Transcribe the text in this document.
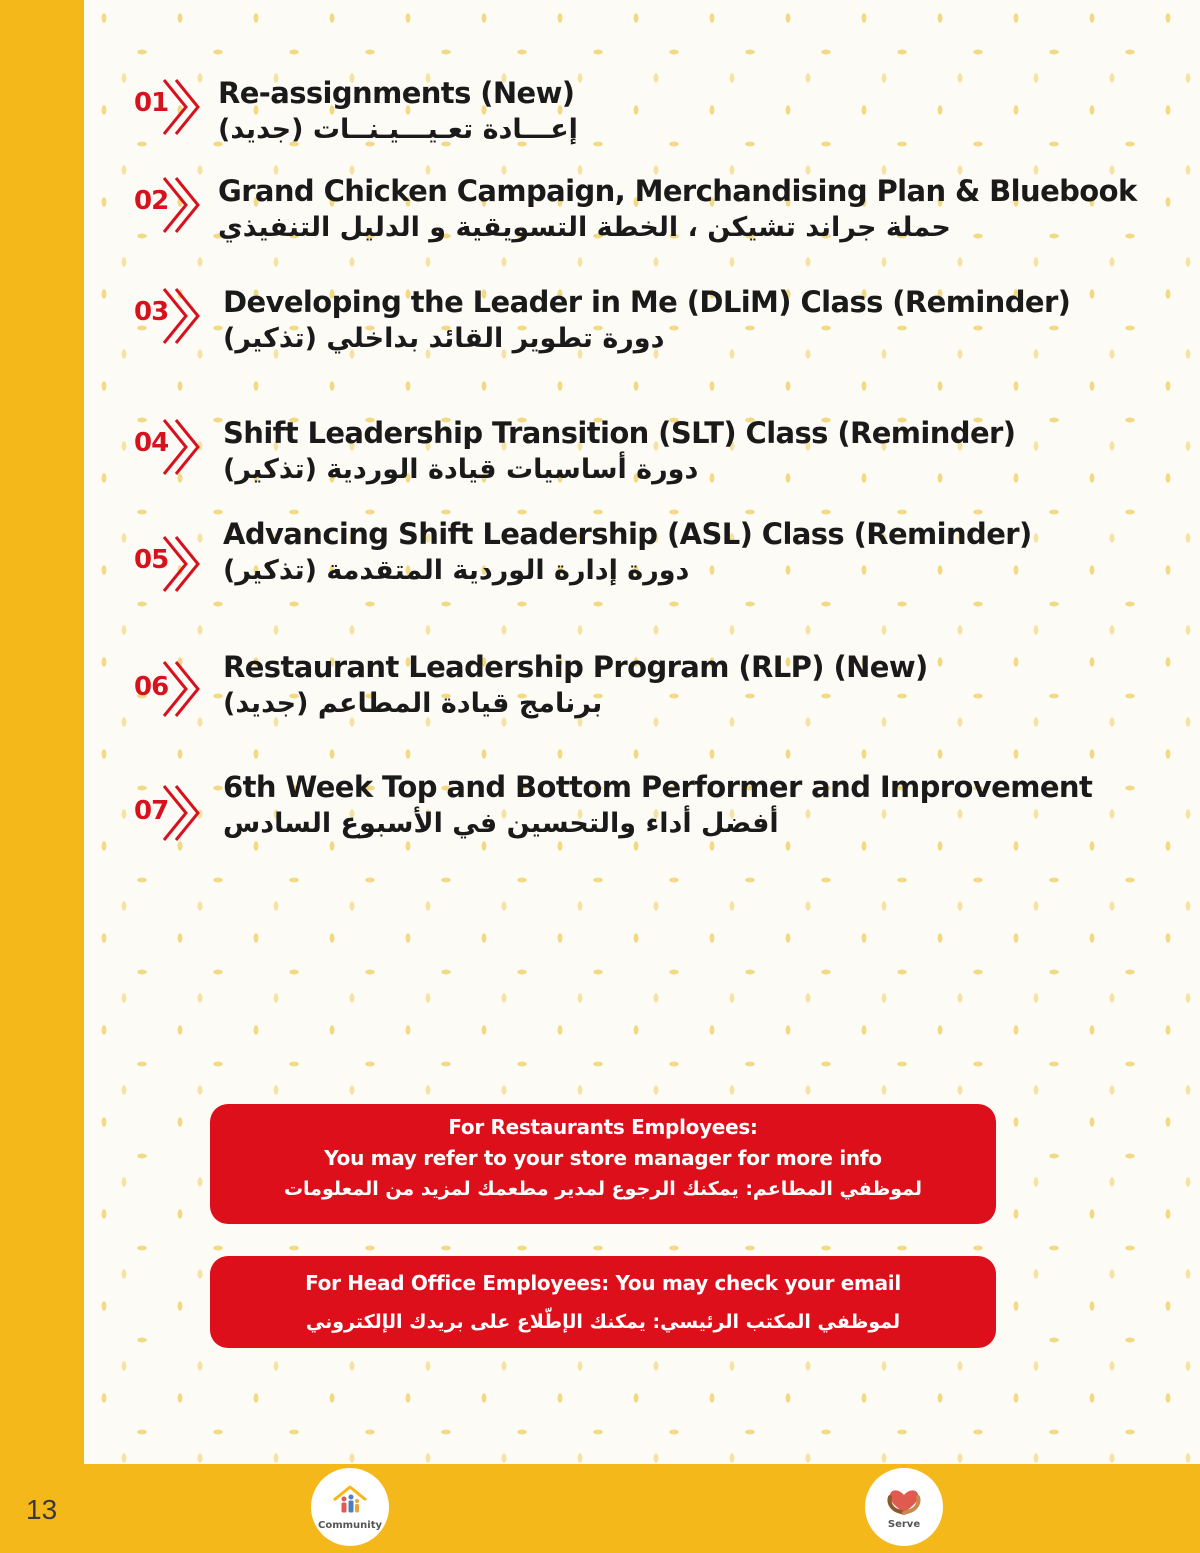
01 Re-assignments (New)
إعـــادة تعـيـــيـنــات (جديد)
02 Grand Chicken Campaign, Merchandising Plan & Bluebook
حملة جراند تشيكن ، الخطة التسويقية و الدليل التنفيذي
03 Developing the Leader in Me (DLiM) Class (Reminder)
دورة تطوير القائد بداخلي (تذكير)
04 Shift Leadership Transition (SLT) Class (Reminder)
دورة أساسيات قيادة الوردية (تذكير)
05
Advancing Shift Leadership (ASL) Class (Reminder)
دورة إدارة الوردية المتقدمة (تذكير)
06
Restaurant Leadership Program (RLP) (New)
برنامج قيادة المطاعم (جديد)
07
6th Week Top and Bottom Performer and Improvement
أفضل أداء والتحسين في الأسبوع السادس
For Restaurants Employees:
You may refer to your store manager for more info
لموظفي المطاعم: يمكنك الرجوع لمدير مطعمك لمزيد من المعلومات
For Head Office Employees: You may check your email
لموظفي المكتب الرئيسي: يمكنك الإطّلاع على بريدك الإلكتروني
13	Community	Serve
